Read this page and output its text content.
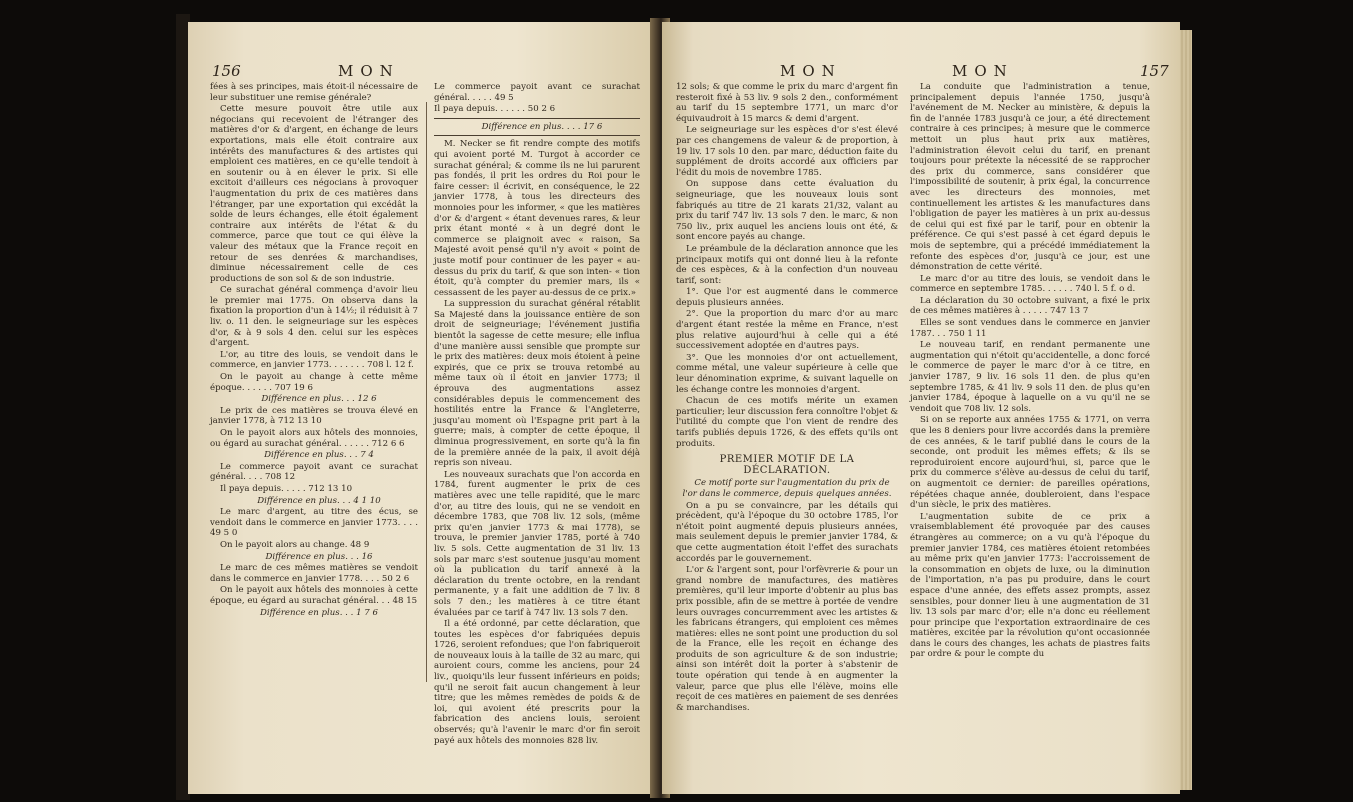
156	MON

fées à ses principes, mais étoit-il nécessaire de leur substituer une remise générale?

Cette mesure pouvoit être utile aux négocians qui recevoient de l'étranger des matières d'or & d'argent, en échange de leurs exportations, mais elle étoit contraire aux intérêts des manufactures & des artistes qui emploient ces matières, en ce qu'elle tendoit à en soutenir ou à en élever le prix. Si elle excitoit d'ailleurs ces négocians à provoquer l'augmentation du prix de ces matières dans l'étranger, par une exportation qui excédât la solde de leurs échanges, elle étoit également contraire aux intérêts de l'état & du commerce, parce que tout ce qui élève la valeur des métaux que la France reçoit en retour de ses denrées & marchandises, diminue nécessairement celle de ces productions de son sol & de son industrie.

Ce surachat général commença d'avoir lieu le premier mai 1775. On observa dans la fixation la proportion d'un à 14½; il réduisit à 7 liv. o. 11 den. le seigneuriage sur les espèces d'or, & à 9 sols 4 den. celui sur les espèces d'argent.

L'or, au titre des louis, se vendoit dans le commerce, en janvier 1773. . . . . . . 708 l. 12 f.

On le payoit au change à cette même époque. . . . . . 707 19 6

Différence en plus. . . 12 6

Le prix de ces matières se trouva élevé en janvier 1778, à 712 13 10

On le payoit alors aux hôtels des monnoies, ou égard au surachat général. . . . . . 712 6 6

Différence en plus. . . 7 4

Le commerce payoit avant ce surachat général. . . . 708 12

Il paya depuis. . . . . 712 13 10

Différence en plus. . . 4 1 10

Le marc d'argent, au titre des écus, se vendoit dans le commerce en janvier 1773. . . . 49 5 0

On le payoit alors au change. 48 9

Différence en plus. . . 16

Le marc de ces mêmes matières se vendoit dans le commerce en janvier 1778. . . . 50 2 6

On le payoit aux hôtels des monnoies à cette époque, eu égard au surachat général. . . 48 15

Différence en plus. . . 1 7 6

Le commerce payoit avant ce surachat général. . . . . 49 5

Il paya depuis. . . . . . 50 2 6

Différence en plus. . . . 17 6

M. Necker se fit rendre compte des motifs qui avoient porté M. Turgot à accorder ce surachat général; & comme ils ne lui parurent pas fondés, il prit les ordres du Roi pour le faire cesser: il écrivit, en conséquence, le 22 janvier 1778, à tous les directeurs des monnoies pour les informer, « que les matières d'or & d'argent « étant devenues rares, & leur prix étant monté « à un degré dont le commerce se plaignoit avec « raison, Sa Majesté avoit pensé qu'il n'y avoit « point de juste motif pour continuer de les payer « au-dessus du prix du tarif, & que son inten- « tion étoit, qu'à compter du premier mars, ils « cessassent de les payer au-dessus de ce prix.»

La suppression du surachat général rétablit Sa Majesté dans la jouissance entière de son droit de seigneuriage; l'événement justifia bientôt la sagesse de cette mesure; elle influa d'une manière aussi sensible que prompte sur le prix des matières: deux mois étoient à peine expirés, que ce prix se trouva retombé au même taux où il étoit en janvier 1773; il éprouva des augmentations assez considérables depuis le commencement des hostilités entre la France & l'Angleterre, jusqu'au moment où l'Espagne prit part à la guerre; mais, à compter de cette époque, il diminua progressivement, en sorte qu'à la fin de la première année de la paix, il avoit déjà repris son niveau.

Les nouveaux surachats que l'on accorda en 1784, furent augmenter le prix de ces matières avec une telle rapidité, que le marc d'or, au titre des louis, qui ne se vendoit en décembre 1783, que 708 liv. 12 sols, (même prix qu'en janvier 1773 & mai 1778), se trouva, le premier janvier 1785, porté à 740 liv. 5 sols. Cette augmentation de 31 liv. 13 sols par marc s'est soutenue jusqu'au moment où la publication du tarif annexé à la déclaration du trente octobre, en la rendant permanente, y a fait une addition de 7 liv. 8 sols 7 den.; les matières à ce titre étant évaluées par ce tarif à 747 liv. 13 sols 7 den.

Il a été ordonné, par cette déclaration, que toutes les espèces d'or fabriquées depuis 1726, seroient refondues; que l'on fabriqueroit de nouveaux louis à la taille de 32 au marc, qui auroient cours, comme les anciens, pour 24 liv., quoiqu'ils leur fussent inférieurs en poids; qu'il ne seroit fait aucun changement à leur titre; que les mêmes remèdes de poids & de loi, qui avoient été prescrits pour la fabrication des anciens louis, seroient observés; qu'à l'avenir le marc d'or fin seroit payé aux hôtels des monnoies 828 liv.

MON	MON	157

12 sols; & que comme le prix du marc d'argent fin resteroit fixé à 53 liv. 9 sols 2 den., conformément au tarif du 15 septembre 1771, un marc d'or équivaudroit à 15 marcs & demi d'argent.

Le seigneuriage sur les espèces d'or s'est élevé par ces changemens de valeur & de proportion, à 19 liv. 17 sols 10 den. par marc, déduction faite du supplément de droits accordé aux officiers par l'édit du mois de novembre 1785.

On suppose dans cette évaluation du seigneuriage, que les nouveaux louis sont fabriqués au titre de 21 karats 21/32, valant au prix du tarif 747 liv. 13 sols 7 den. le marc, & non 750 liv., prix auquel les anciens louis ont été, & sont encore payés au change.

Le préambule de la déclaration annonce que les principaux motifs qui ont donné lieu à la refonte de ces espèces, & à la confection d'un nouveau tarif, sont:

1°. Que l'or est augmenté dans le commerce depuis plusieurs années.

2°. Que la proportion du marc d'or au marc d'argent étant restée la même en France, n'est plus relative aujourd'hui à celle qui a été successivement adoptée en d'autres pays.

3°. Que les monnoies d'or ont actuellement, comme métal, une valeur supérieure à celle que leur dénomination exprime, & suivant laquelle on les échange contre les monnoies d'argent.

Chacun de ces motifs mérite un examen particulier; leur discussion fera connoître l'objet & l'utilité du compte que l'on vient de rendre des tarifs publiés depuis 1726, & des effets qu'ils ont produits.

PREMIER MOTIF DE LA DÉCLARATION.

Ce motif porte sur l'augmentation du prix de l'or dans le commerce, depuis quelques années.

On a pu se convaincre, par les détails qui précèdent, qu'à l'époque du 30 octobre 1785, l'or n'étoit point augmenté depuis plusieurs années, mais seulement depuis le premier janvier 1784, & que cette augmentation étoit l'effet des surachats accordés par le gouvernement.

L'or & l'argent sont, pour l'orfèvrerie & pour un grand nombre de manufactures, des matières premières, qu'il leur importe d'obtenir au plus bas prix possible, afin de se mettre à portée de vendre leurs ouvrages concurremment avec les artistes & les fabricans étrangers, qui emploient ces mêmes matières: elles ne sont point une production du sol de la France, elle les reçoit en échange des produits de son agriculture & de son industrie; ainsi son intérêt doit la porter à s'abstenir de toute opération qui tende à en augmenter la valeur, parce que plus elle l'élève, moins elle reçoit de ces matières en paiement de ses denrées & marchandises.

La conduite que l'administration a tenue, principalement depuis l'année 1750, jusqu'à l'avénement de M. Necker au ministère, & depuis la fin de l'année 1783 jusqu'à ce jour, a été directement contraire à ces principes; à mesure que le commerce mettoit un plus haut prix aux matières, l'administration élevoit celui du tarif, en prenant toujours pour prétexte la nécessité de se rapprocher des prix du commerce, sans considérer que l'impossibilité de soutenir, à prix égal, la concurrence avec les directeurs des monnoies, met continuellement les artistes & les manufactures dans l'obligation de payer les matières à un prix au-dessus de celui qui est fixé par le tarif, pour en obtenir la préférence. Ce qui s'est passé à cet égard depuis le mois de septembre, qui a précédé immédiatement la refonte des espèces d'or, jusqu'à ce jour, est une démonstration de cette vérité.

Le marc d'or au titre des louis, se vendoit dans le commerce en septembre 1785. . . . . . 740 l. 5 f. o d.

La déclaration du 30 octobre suivant, a fixé le prix de ces mêmes matières à . . . . . 747 13 7

Elles se sont vendues dans le commerce en janvier 1787. . . 750 1 11

Le nouveau tarif, en rendant permanente une augmentation qui n'étoit qu'accidentelle, a donc forcé le commerce de payer le marc d'or à ce titre, en janvier 1787, 9 liv. 16 sols 11 den. de plus qu'en septembre 1785, & 41 liv. 9 sols 11 den. de plus qu'en janvier 1784, époque à laquelle on a vu qu'il ne se vendoit que 708 liv. 12 sols.

Si on se reporte aux années 1755 & 1771, on verra que les 8 deniers pour livre accordés dans la première de ces années, & le tarif publié dans le cours de la seconde, ont produit les mêmes effets; & ils se reproduiroient encore aujourd'hui, si, parce que le prix du commerce s'élève au-dessus de celui du tarif, on augmentoit ce dernier: de pareilles opérations, répétées chaque année, doubleroient, dans l'espace d'un siècle, le prix des matières.

L'augmentation subite de ce prix a vraisemblablement été provoquée par des causes étrangères au commerce; on a vu qu'à l'époque du premier janvier 1784, ces matières étoient retombées au même prix qu'en janvier 1773: l'accroissement de la consommation en objets de luxe, ou la diminution de l'importation, n'a pas pu produire, dans le court espace d'une année, des effets assez prompts, assez sensibles, pour donner lieu à une augmentation de 31 liv. 13 sols par marc d'or; elle n'a donc eu réellement pour principe que l'exportation extraordinaire de ces matières, excitée par la révolution qu'ont occasionnée dans le cours des changes, les achats de piastres faits par ordre & pour le compte du
